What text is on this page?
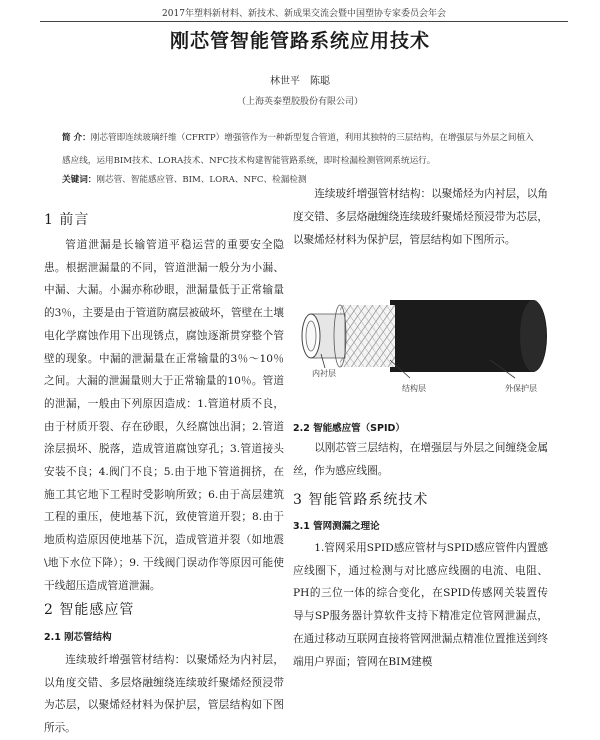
2017年塑料新材料、新技术、新成果交流会暨中国塑协专家委员会年会
刚芯管智能管路系统应用技术
林世平　陈聪
（上海英泰塑胶股份有限公司）
简 介：刚芯管即连续玻璃纤维（CFRTP）增强管作为一种新型复合管道，利用其独特的三层结构，在增强层与外层之间植入感应线，运用BIM技术、LORA技术、NFC技术构建智能管路系统，即时检漏检测管网系统运行。
关键词：刚芯管、智能感应管、BIM、LORA、NFC、检漏检测
1 前言

管道泄漏是长输管道平稳运营的重要安全隐患。根据泄漏量的不同，管道泄漏一般分为小漏、中漏、大漏。小漏亦称砂眼，泄漏量低于正常输量的3％，主要是由于管道防腐层被破坏，管壁在土壤电化学腐蚀作用下出现锈点，腐蚀逐渐贯穿整个管壁的现象。中漏的泄漏量在正常输量的3％～10％之间。大漏的泄漏量则大于正常输量的10％。管道的泄漏，一般由下列原因造成：1.管道材质不良，由于材质开裂、存在砂眼，久经腐蚀出洞；2.管道涂层损坏、脱落，造成管道腐蚀穿孔；3.管道接头安装不良；4.阀门不良；5.由于地下管道拥挤，在施工其它地下工程时受影响所致；6.由于高层建筑工程的重压，使地基下沉，致使管道开裂；8.由于地质构造原因使地基下沉，造成管道并裂（如地震\地下水位下降）；9. 干线阀门误动作等原因可能使干线超压造成管道泄漏。

2 智能感应管
2.1 刚芯管结构

连续玻纤增强管材结构：以聚烯烃为内衬层，以角度交错、多层烙融缠绕连续玻纤聚烯烃预浸带为芯层，以聚烯烃材料为保护层，管层结构如下图所示。

连续玻纤增强管材结构：以聚烯烃为内衬层，以角度交错、多层烙融缠绕连续玻纤聚烯烃预浸带为芯层，以聚烯烃材料为保护层，管层结构如下图所示。

内衬层
结构层	外保护层
2.2 智能感应管（SPID）

以刚芯管三层结构，在增强层与外层之间缠绕金属丝，作为感应线圈。

3 智能管路系统技术
3.1 管网测漏之理论

1.管网采用SPID感应管材与SPID感应管件内置感应线圈下，通过检测与对比感应线圈的电流、电阻、PH的三位一体的综合变化，在SPID传感网关装置传导与SP服务器计算软件支持下精准定位管网泄漏点，在通过移动互联网直接将管网泄漏点精准位置推送到终端用户界面；管网在BIM建模
